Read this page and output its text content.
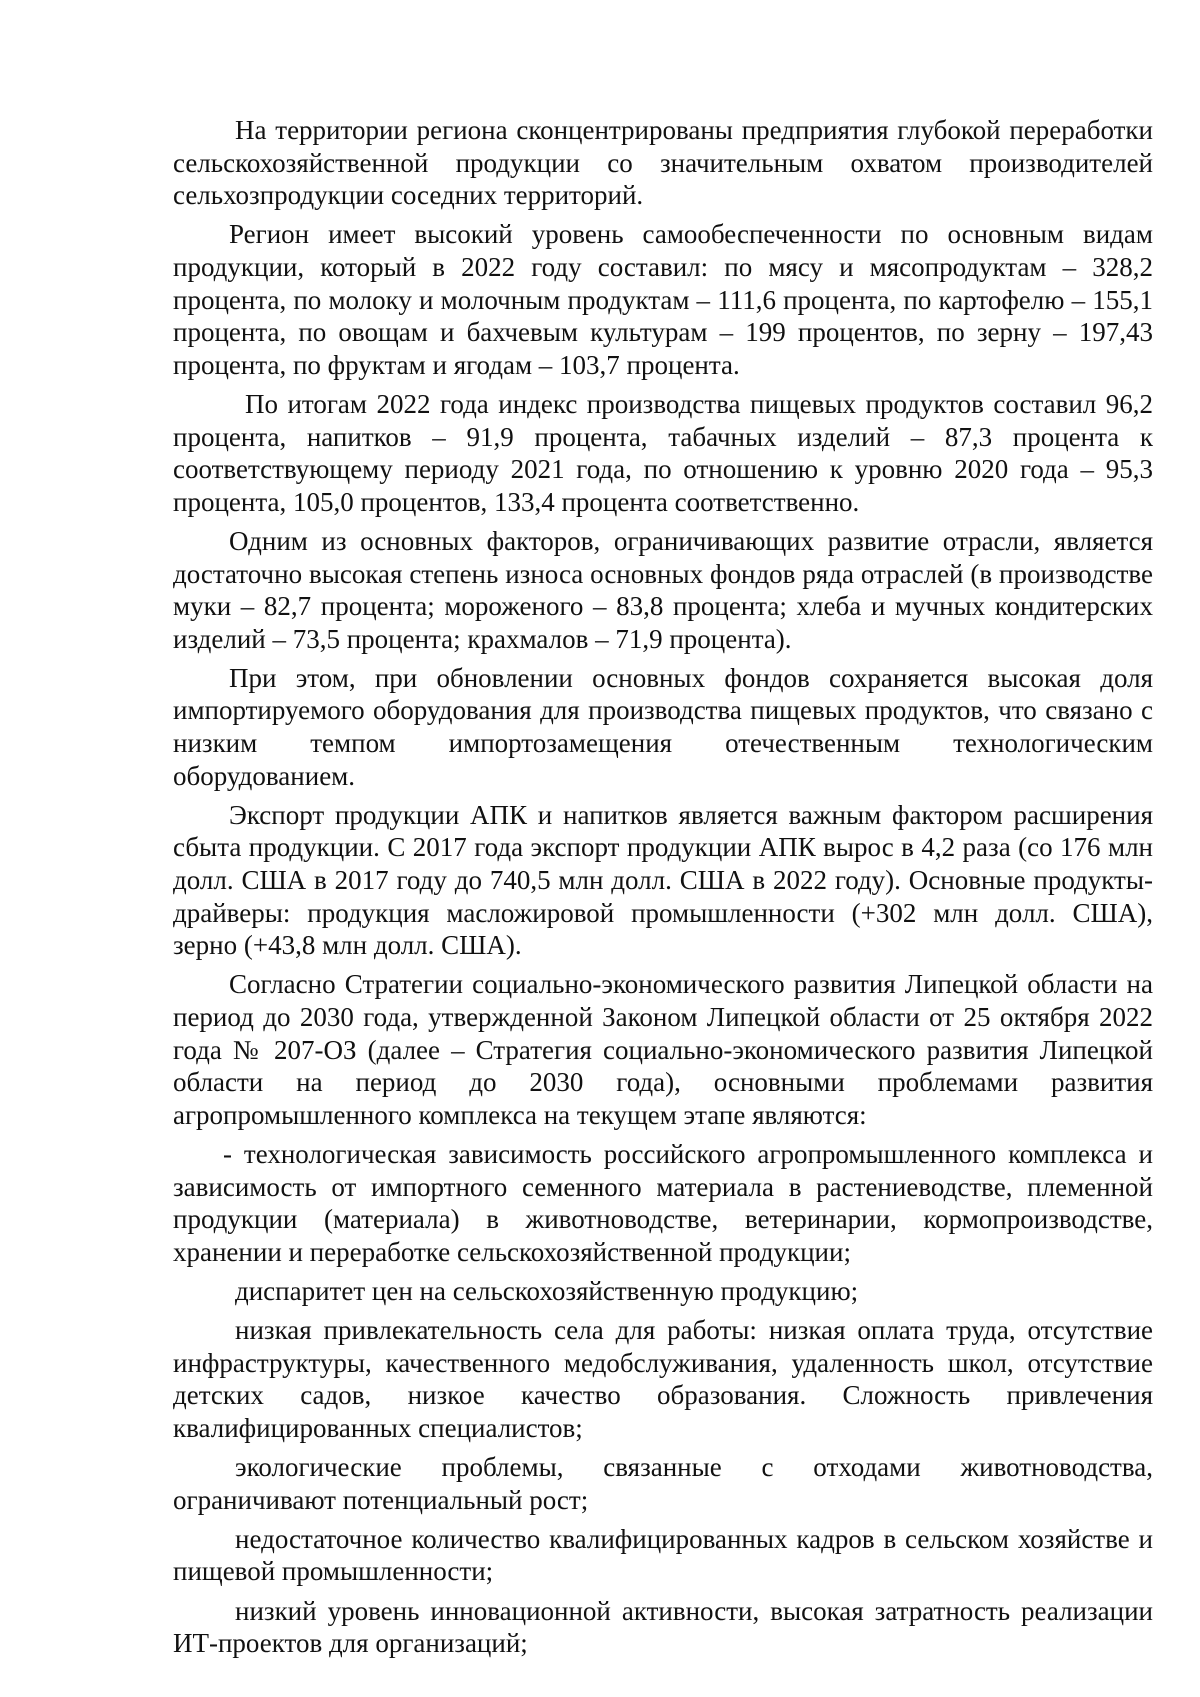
На территории региона сконцентрированы предприятия глубокой переработки сельскохозяйственной продукции со значительным охватом производителей сельхозпродукции соседних территорий.

Регион имеет высокий уровень самообеспеченности по основным видам продукции, который в 2022 году составил: по мясу и мясопродуктам – 328,2 процента, по молоку и молочным продуктам – 111,6 процента, по картофелю – 155,1 процента, по овощам и бахчевым культурам – 199 процентов, по зерну – 197,43 процента, по фруктам и ягодам – 103,7 процента.

По итогам 2022 года индекс производства пищевых продуктов составил 96,2 процента, напитков – 91,9 процента, табачных изделий – 87,3 процента к соответствующему периоду 2021 года, по отношению к уровню 2020 года – 95,3 процента, 105,0 процентов, 133,4 процента соответственно.

Одним из основных факторов, ограничивающих развитие отрасли, является достаточно высокая степень износа основных фондов ряда отраслей (в производстве муки – 82,7 процента; мороженого – 83,8 процента; хлеба и мучных кондитерских изделий – 73,5 процента; крахмалов – 71,9 процента).

При этом, при обновлении основных фондов сохраняется высокая доля импортируемого оборудования для производства пищевых продуктов, что связано с низким темпом импортозамещения отечественным технологическим оборудованием.

Экспорт продукции АПК и напитков является важным фактором расширения сбыта продукции. С 2017 года экспорт продукции АПК вырос в 4,2 раза (со 176 млн долл. США в 2017 году до 740,5 млн долл. США в 2022 году). Основные продукты-драйверы: продукция масложировой промышленности (+302 млн долл. США), зерно (+43,8 млн долл. США).

Согласно Стратегии социально-экономического развития Липецкой области на период до 2030 года, утвержденной Законом Липецкой области от 25 октября 2022 года № 207-ОЗ (далее – Стратегия социально-экономического развития Липецкой области на период до 2030 года), основными проблемами развития агропромышленного комплекса на текущем этапе являются:

- технологическая зависимость российского агропромышленного комплекса и зависимость от импортного семенного материала в растениеводстве, племенной продукции (материала) в животноводстве, ветеринарии, кормопроизводстве, хранении и переработке сельскохозяйственной продукции;

диспаритет цен на сельскохозяйственную продукцию;

низкая привлекательность села для работы: низкая оплата труда, отсутствие инфраструктуры, качественного медобслуживания, удаленность школ, отсутствие детских садов, низкое качество образования. Сложность привлечения квалифицированных специалистов;

экологические проблемы, связанные с отходами животноводства, ограничивают потенциальный рост;

недостаточное количество квалифицированных кадров в сельском хозяйстве и пищевой промышленности;

низкий уровень инновационной активности, высокая затратность реализации ИТ-проектов для организаций;
